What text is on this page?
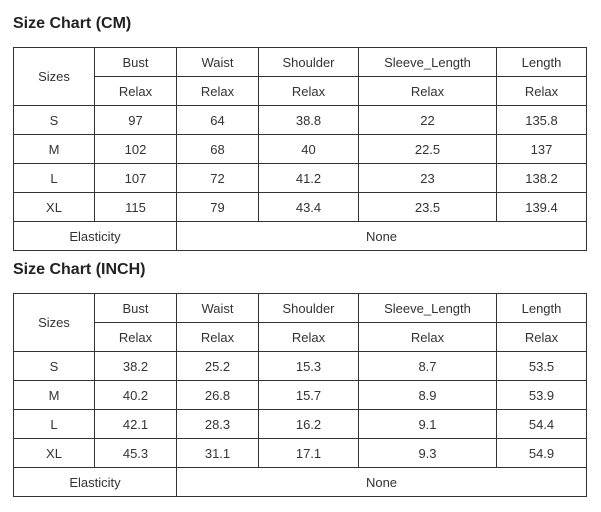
Size Chart (CM)
Sizes	Bust	Waist	Shoulder	Sleeve_Length	Length
	Relax	Relax	Relax	Relax	Relax
S	97	64	38.8	22	135.8
M	102	68	40	22.5	137
L	107	72	41.2	23	138.2
XL	115	79	43.4	23.5	139.4
Elasticity		None			
Size Chart (INCH)
Sizes	Bust	Waist	Shoulder	Sleeve_Length	Length
	Relax	Relax	Relax	Relax	Relax
S	38.2	25.2	15.3	8.7	53.5
M	40.2	26.8	15.7	8.9	53.9
L	42.1	28.3	16.2	9.1	54.4
XL	45.3	31.1	17.1	9.3	54.9
Elasticity		None			
